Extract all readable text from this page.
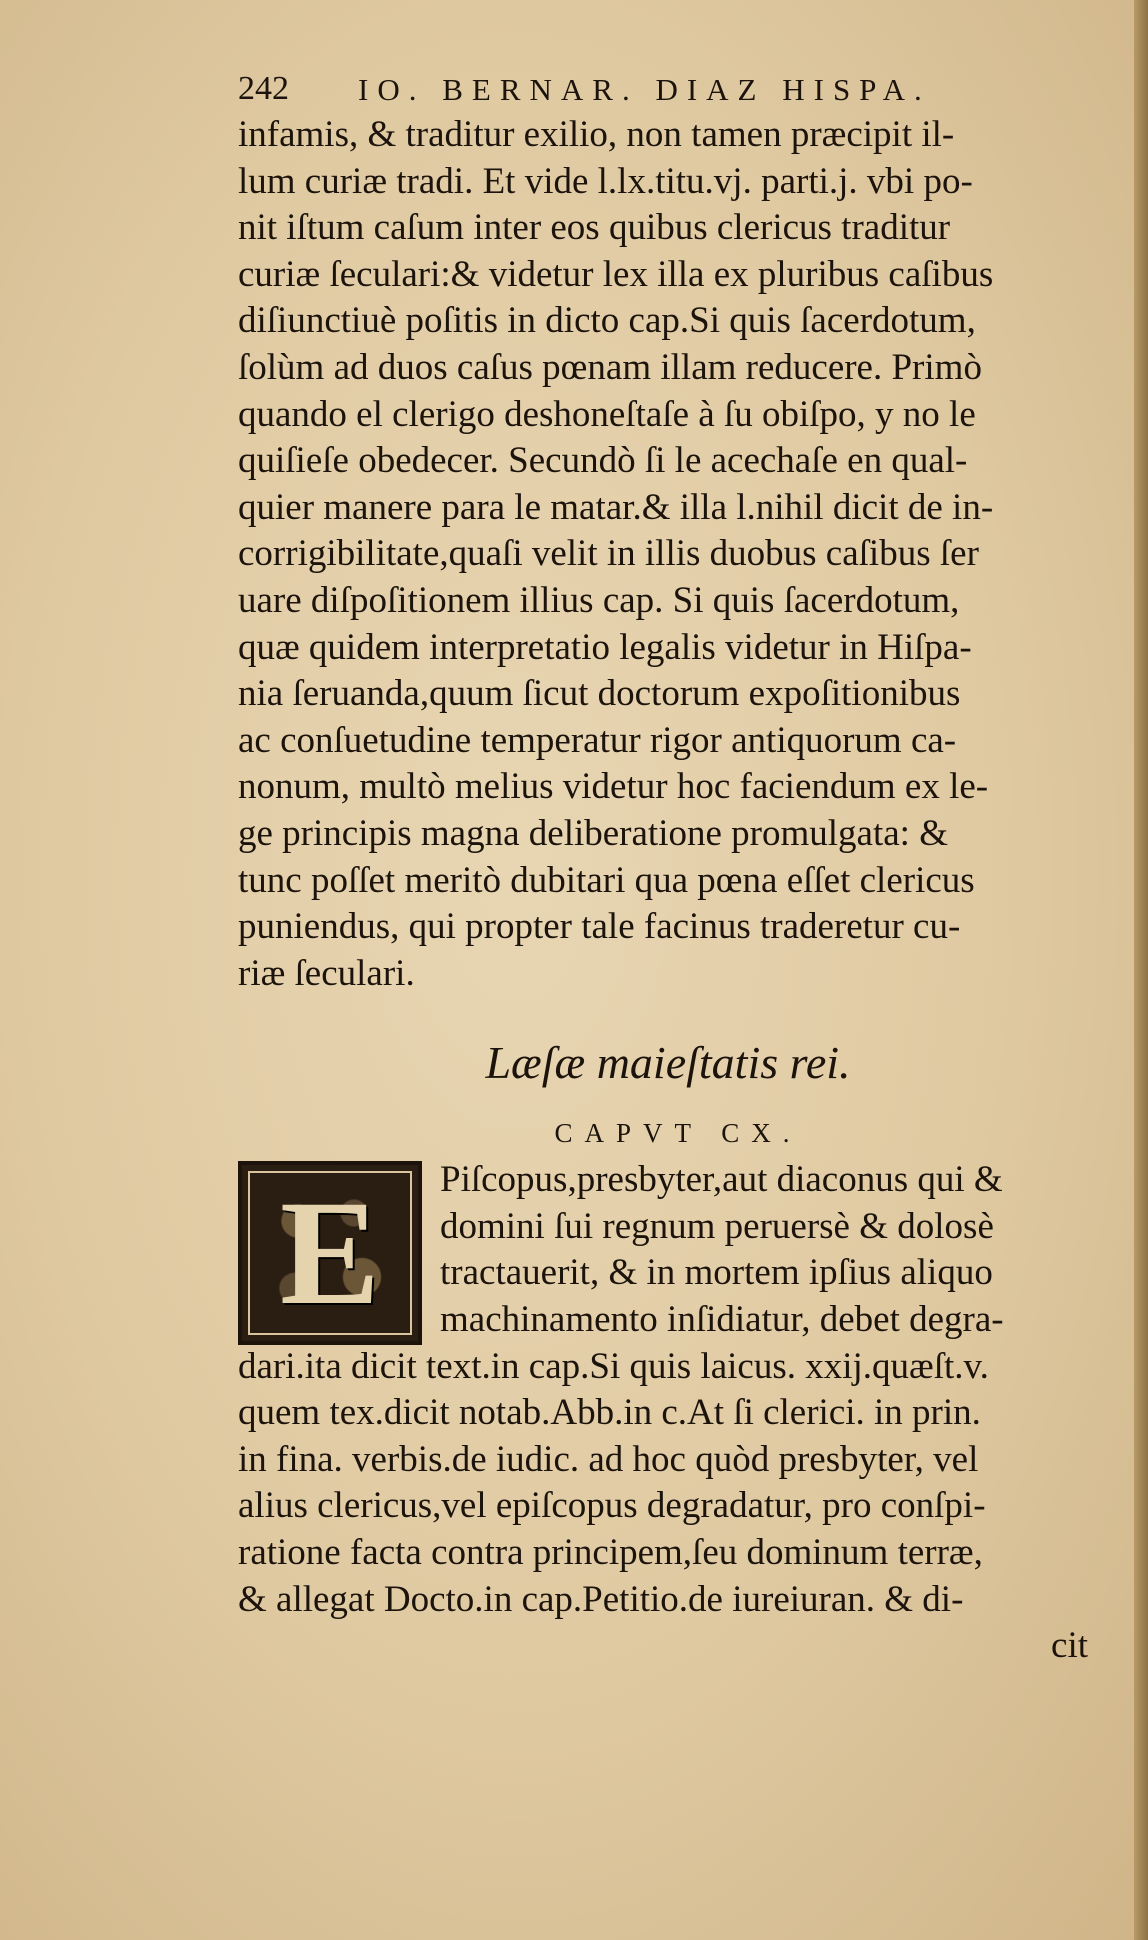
242	IO. BERNAR. DIAZ HISPA.
infamis, & traditur exilio, non tamen præcipit il-
lum curiæ tradi. Et vide l.lx.titu.vj. parti.j. vbi po-
nit iſtum caſum inter eos quibus clericus traditur
curiæ ſeculari:& videtur lex illa ex pluribus caſibus
diſiunctiuè poſitis in dicto cap.Si quis ſacerdotum,
ſolùm ad duos caſus pœnam illam reducere. Primò
quando el clerigo deshoneſtaſe à ſu obiſpo, y no le
quiſieſe obedecer. Secundò ſi le acechaſe en qual-
quier manere para le matar.& illa l.nihil dicit de in-
corrigibilitate,quaſi velit in illis duobus caſibus ſer
uare diſpoſitionem illius cap. Si quis ſacerdotum,
quæ quidem interpretatio legalis videtur in Hiſpa-
nia ſeruanda,quum ſicut doctorum expoſitionibus
ac conſuetudine temperatur rigor antiquorum ca-
nonum, multò melius videtur hoc faciendum ex le-
ge principis magna deliberatione promulgata: &
tunc poſſet meritò dubitari qua pœna eſſet clericus
puniendus, qui propter tale facinus traderetur cu-
riæ ſeculari.
Læſæ maieſtatis rei.
CAPVT CX.
E	Piſcopus,presbyter,aut diaconus qui &
domini ſui regnum peruersè & dolosè
tractauerit, & in mortem ipſius aliquo
machinamento inſidiatur, debet degra-
dari.ita dicit text.in cap.Si quis laicus. xxij.quæſt.v.
quem tex.dicit notab.Abb.in c.At ſi clerici. in prin.
in fina. verbis.de iudic. ad hoc quòd presbyter, vel
alius clericus,vel epiſcopus degradatur, pro conſpi-
ratione facta contra principem,ſeu dominum terræ,
& allegat Docto.in cap.Petitio.de iureiuran. & di-
cit
